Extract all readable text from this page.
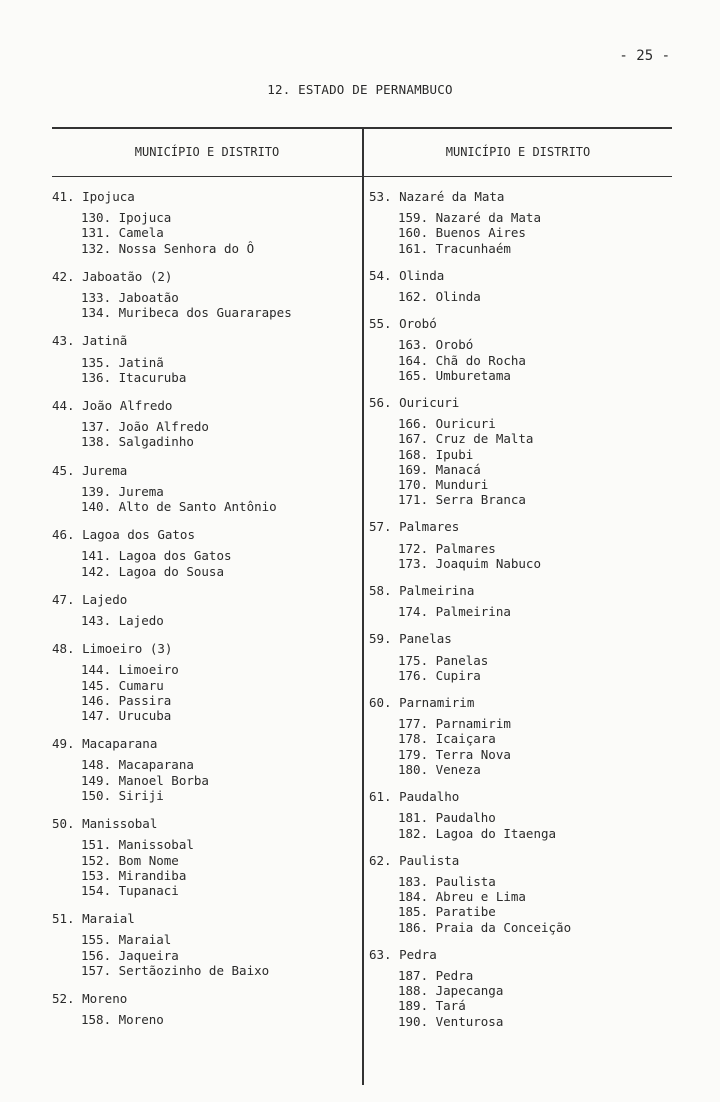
- 25 -
12. ESTADO DE PERNAMBUCO
MUNICÍPIO E DISTRITO	MUNICÍPIO E DISTRITO
41. Ipojuca
130. Ipojuca
131. Camela
132. Nossa Senhora do Ô
42. Jaboatão (2)
133. Jaboatão
134. Muribeca dos Guararapes
43. Jatinã
135. Jatinã
136. Itacuruba
44. João Alfredo
137. João Alfredo
138. Salgadinho
45. Jurema
139. Jurema
140. Alto de Santo Antônio
46. Lagoa dos Gatos
141. Lagoa dos Gatos
142. Lagoa do Sousa
47. Lajedo
143. Lajedo
48. Limoeiro (3)
144. Limoeiro
145. Cumaru
146. Passira
147. Urucuba
49. Macaparana
148. Macaparana
149. Manoel Borba
150. Siriji
50. Manissobal
151. Manissobal
152. Bom Nome
153. Mirandiba
154. Tupanaci
51. Maraial
155. Maraial
156. Jaqueira
157. Sertãozinho de Baixo
52. Moreno
158. Moreno
53. Nazaré da Mata
159. Nazaré da Mata
160. Buenos Aires
161. Tracunhaém
54. Olinda
162. Olinda
55. Orobó
163. Orobó
164. Chã do Rocha
165. Umburetama
56. Ouricuri
166. Ouricuri
167. Cruz de Malta
168. Ipubi
169. Manacá
170. Munduri
171. Serra Branca
57. Palmares
172. Palmares
173. Joaquim Nabuco
58. Palmeirina
174. Palmeirina
59. Panelas
175. Panelas
176. Cupira
60. Parnamirim
177. Parnamirim
178. Icaiçara
179. Terra Nova
180. Veneza
61. Paudalho
181. Paudalho
182. Lagoa do Itaenga
62. Paulista
183. Paulista
184. Abreu e Lima
185. Paratibe
186. Praia da Conceição
63. Pedra
187. Pedra
188. Japecanga
189. Tará
190. Venturosa
